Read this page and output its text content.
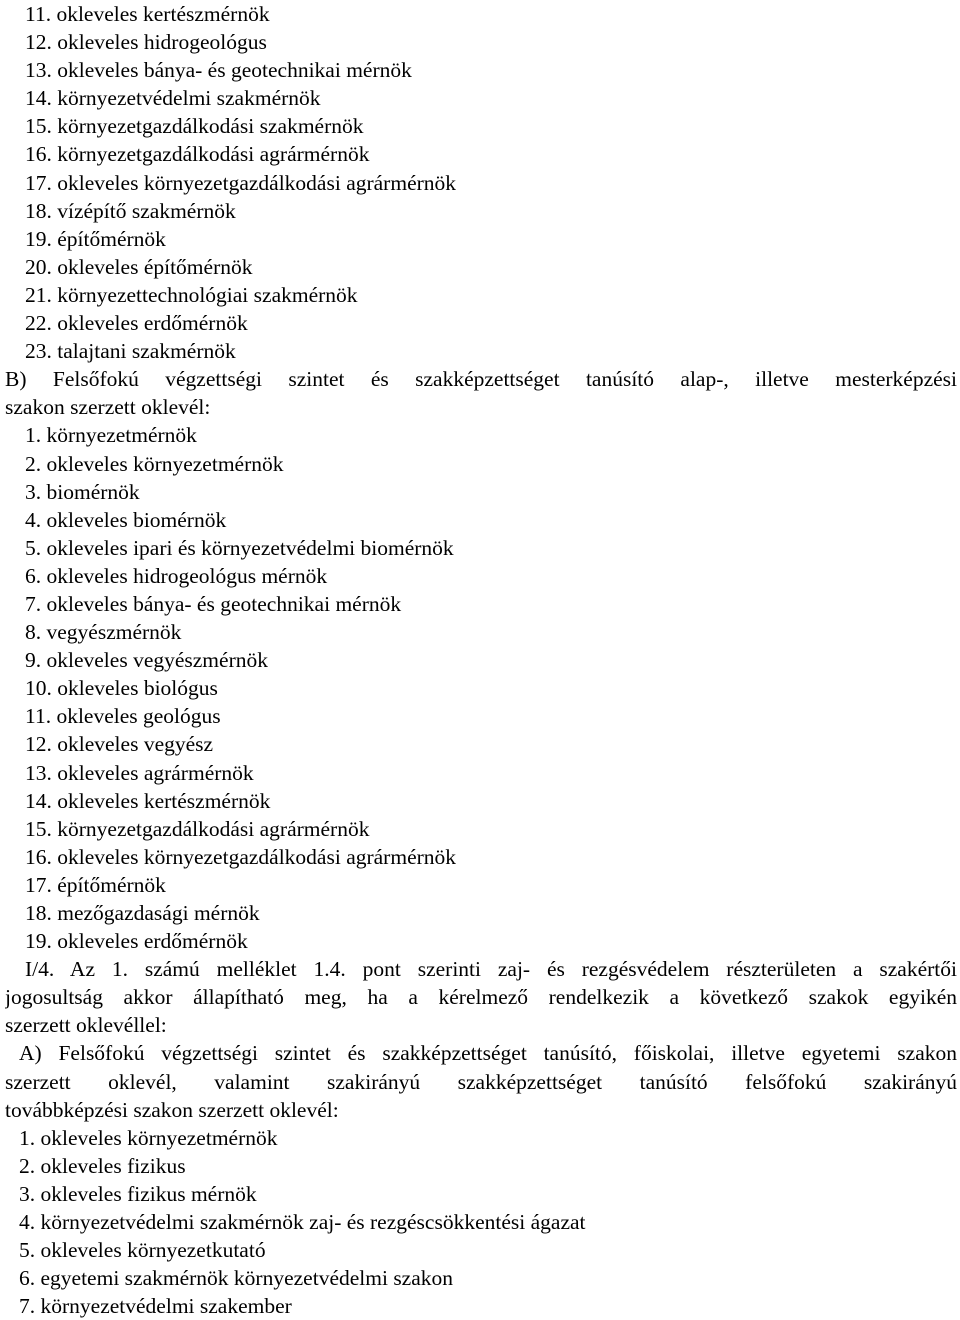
11. okleveles kertészmérnök
12. okleveles hidrogeológus
13. okleveles bánya- és geotechnikai mérnök
14. környezetvédelmi szakmérnök
15. környezetgazdálkodási szakmérnök
16. környezetgazdálkodási agrármérnök
17. okleveles környezetgazdálkodási agrármérnök
18. vízépítő szakmérnök
19. építőmérnök
20. okleveles építőmérnök
21. környezettechnológiai szakmérnök
22. okleveles erdőmérnök
23. talajtani szakmérnök
B) Felsőfokú végzettségi szintet és szakképzettséget tanúsító alap-, illetve mesterképzési
szakon szerzett oklevél:
1. környezetmérnök
2. okleveles környezetmérnök
3. biomérnök
4. okleveles biomérnök
5. okleveles ipari és környezetvédelmi biomérnök
6. okleveles hidrogeológus mérnök
7. okleveles bánya- és geotechnikai mérnök
8. vegyészmérnök
9. okleveles vegyészmérnök
10. okleveles biológus
11. okleveles geológus
12. okleveles vegyész
13. okleveles agrármérnök
14. okleveles kertészmérnök
15. környezetgazdálkodási agrármérnök
16. okleveles környezetgazdálkodási agrármérnök
17. építőmérnök
18. mezőgazdasági mérnök
19. okleveles erdőmérnök
I/4. Az 1. számú melléklet 1.4. pont szerinti zaj- és rezgésvédelem részterületen a szakértői
jogosultság akkor állapítható meg, ha a kérelmező rendelkezik a következő szakok egyikén
szerzett oklevéllel:
A) Felsőfokú végzettségi szintet és szakképzettséget tanúsító, főiskolai, illetve egyetemi szakon
szerzett oklevél, valamint szakirányú szakképzettséget tanúsító felsőfokú szakirányú
továbbképzési szakon szerzett oklevél:
1. okleveles környezetmérnök
2. okleveles fizikus
3. okleveles fizikus mérnök
4. környezetvédelmi szakmérnök zaj- és rezgéscsökkentési ágazat
5. okleveles környezetkutató
6. egyetemi szakmérnök környezetvédelmi szakon
7. környezetvédelmi szakember
